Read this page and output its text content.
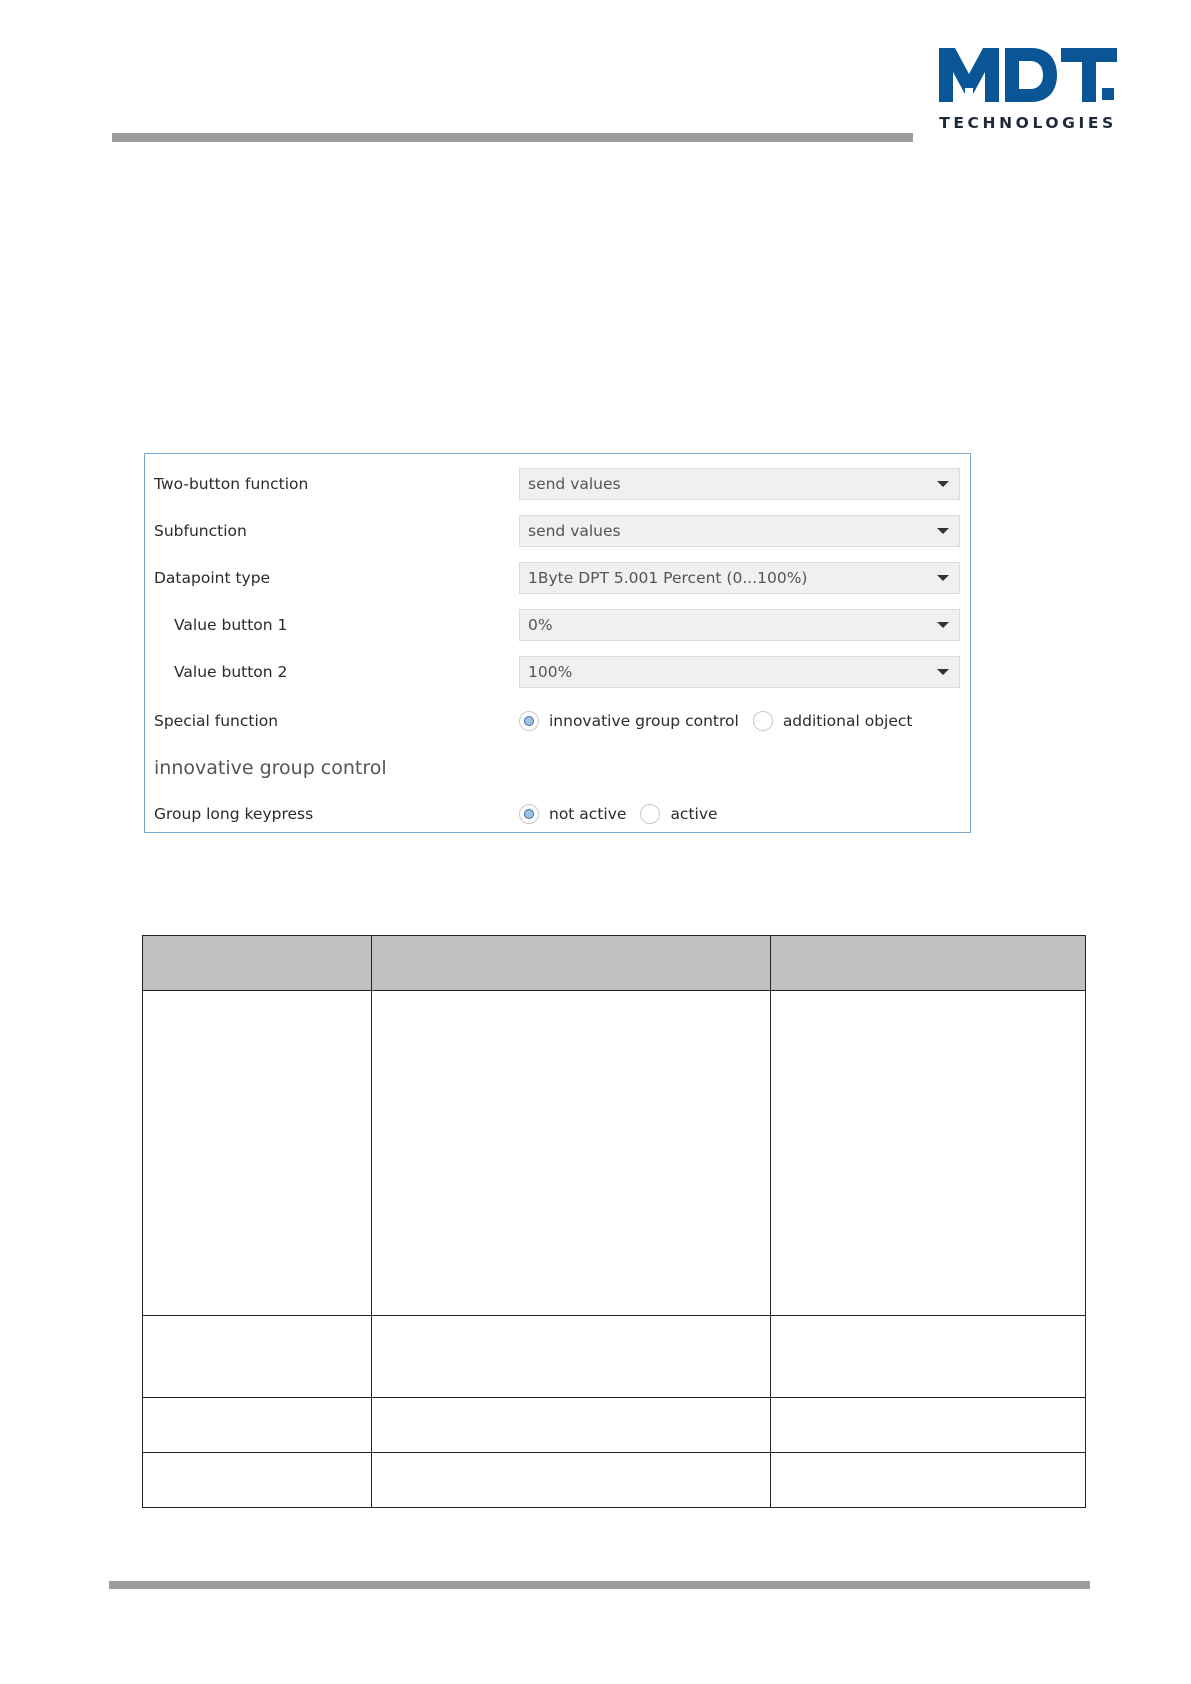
TECHNOLOGIES
Two-button function	send values
Subfunction	send values
Datapoint type	1Byte DPT 5.001 Percent (0...100%)
Value button 1	0%
Value button 2	100%
Special function	innovative group control	additional object
innovative group control
Group long keypress	not active	active
